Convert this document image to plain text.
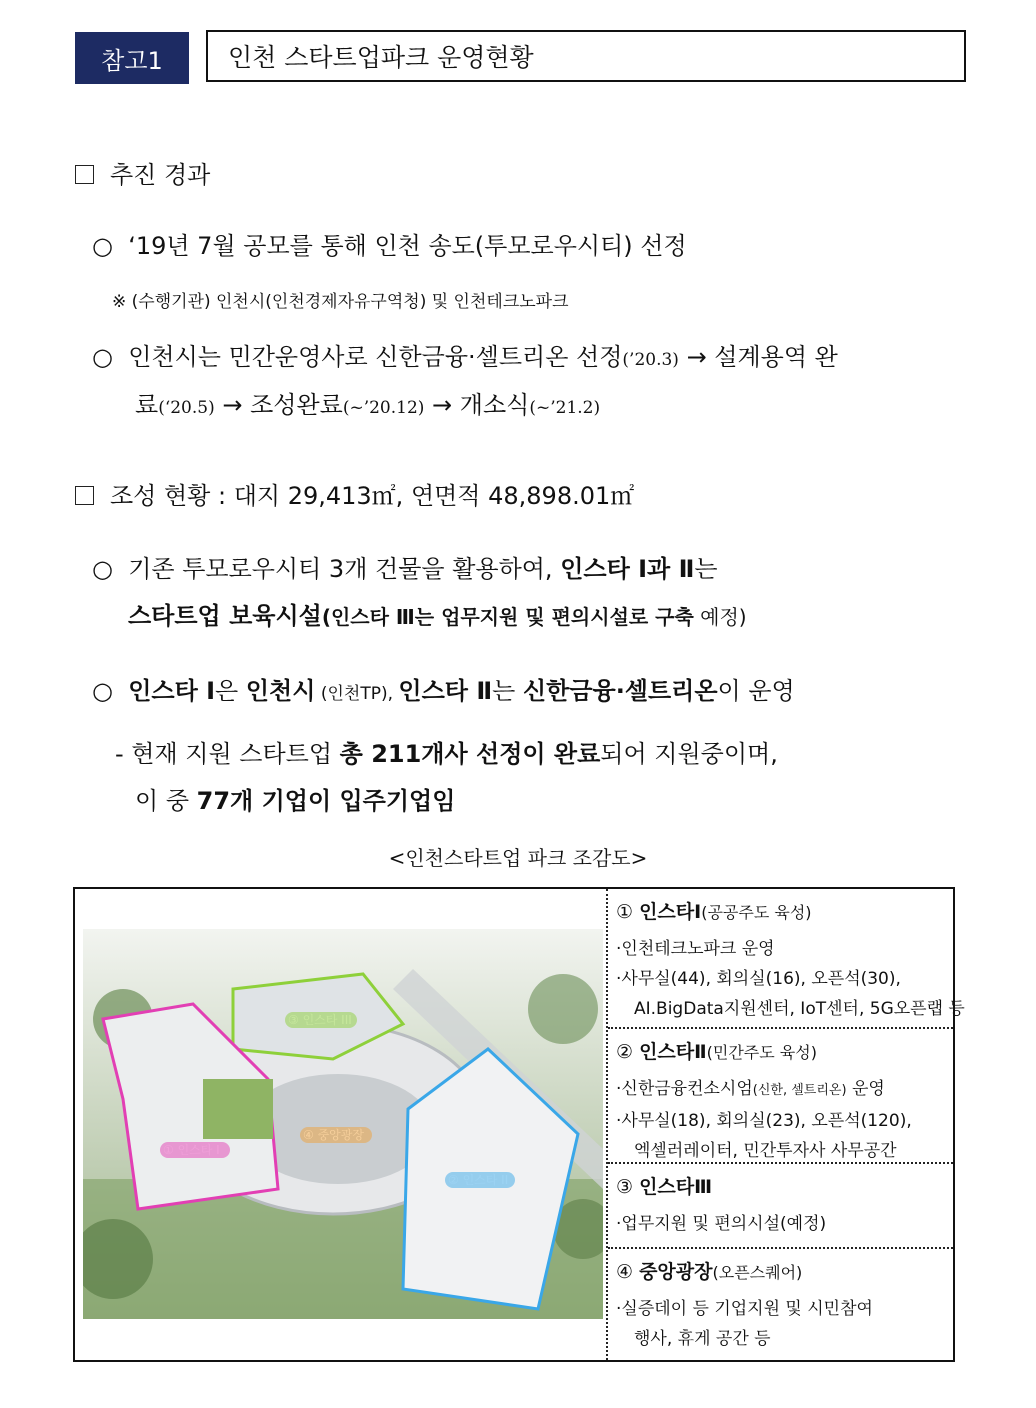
참고1	인천 스타트업파크 운영현황
추진 경과
○  ‘19년 7월 공모를 통해 인천 송도(투모로우시티) 선정
※ (수행기관) 인천시(인천경제자유구역청) 및 인천테크노파크
○  인천시는 민간운영사로 신한금융·셀트리온 선정(’20.3) → 설계용역 완
료(‘20.5) → 조성완료(~’20.12) → 개소식(~’21.2)
조성 현황 : 대지 29,413㎡, 연면적 48,898.01㎡
○  기존 투모로우시티 3개 건물을 활용하여, 인스타 Ⅰ과 Ⅱ는
스타트업 보육시설(인스타 Ⅲ는 업무지원 및 편의시설로 구축 예정)
○  인스타 Ⅰ은 인천시 (인천TP), 인스타 Ⅱ는 신한금융·셀트리온이 운영
- 현재 지원 스타트업 총 211개사 선정이 완료되어 지원중이며,
이 중 77개 기업이 입주기업임
<인천스타트업 파크 조감도>
① 인스타Ⅰ(공공주도 육성)
·인천테크노파크 운영
·사무실(44), 회의실(16), 오픈석(30),
AI.BigData지원센터, IoT센터, 5G오픈랩 등
② 인스타Ⅱ(민간주도 육성)
·신한금융컨소시엄(신한, 셀트리온) 운영
·사무실(18), 회의실(23), 오픈석(120),
엑셀러레이터, 민간투자사 사무공간
③ 인스타Ⅲ
·업무지원 및 편의시설(예정)
④ 중앙광장(오픈스퀘어)
·실증데이 등 기업지원 및 시민참여
행사, 휴게 공간 등
